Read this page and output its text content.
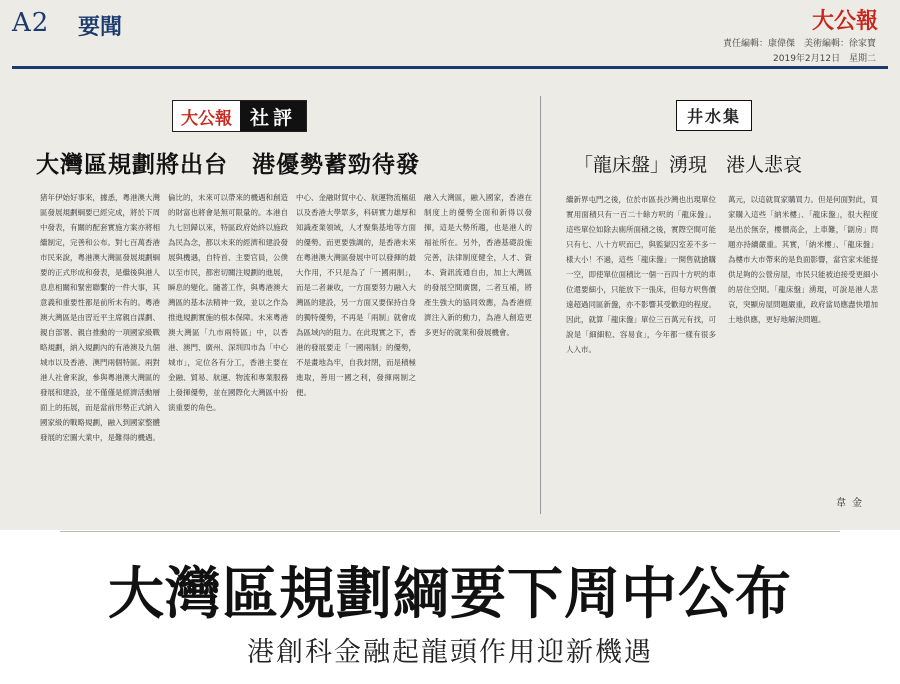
A2 要聞	大公報
責任編輯：康偉傑　美術編輯：徐家寶
2019年2月12日 星期二
大公報 社評
大灣區規劃將出台　港優勢蓄勁待發
猪年伊始好事來，據悉，粵港澳大灣區發展規劃綱要已經完成，將於下周中發表，有關的配套實施方案亦將相繼制定，完善和公布。對七百萬香港市民來說，粵港澳大灣區發展規劃綱要的正式形成和發表，是繼後與港人息息相關和緊密聯繫的一件大事，其意義和重要性都是前所未有的。粵港澳大灣區是由習近平主席親自謀劃、親自部署、親自推動的一項國家級戰略規劃，納入規劃內的有港澳及九個城市以及香港、澳門兩個特區。兩對港人社會來說，參與粵港澳大灣區的發展和建設，並不僅僅是經濟活動層面上的拓展，而是當前形勢正式納入國家級的戰略規劃，融入到國家整體發展的宏圖大業中，是難得的機遇。
倫比的，未來可以帶來的機遇和創造的財富也將會是無可限量的。本港自九七回歸以來，特區政府始終以施政為民為念，都以未來的經濟和建設發展與機遇，自特首、主要官員，公僕以至市民，都密切關注規劃的進展，瞬息的變化。隨著工作，與粵港澳大灣區的基本法精神一致，並以之作為推進規劃實施的根本保障。未來粵港澳大灣區「九市兩特區」中，以香港、澳門、廣州、深圳四市為「中心城市」，定位各有分工，香港主要在金融、貿易、航運、物流和專業服務上發揮優勢，並在國際化大灣區中扮演重要的角色。
中心、金融財貿中心、航運物流樞紐以及香港大學眾多，科研實力雄厚和知識產業領域，人才聚集基地等方面的優勢。而更要強調的，是香港未來在粵港澳大灣區發展中可以發揮的最大作用，不只是為了「一國兩制」，而是二者兼收，一方面要努力融入大灣區的建設，另一方面又要保持自身的獨特優勢，不再是「兩制」就會成為區域內的阻力。在此現實之下，香港的發展要走「一國兩制」的優勢，不是畫地為牢，自我封閉，而是積極進取，善用一國之利，發揮兩制之便。
融入大灣區，融入國家，香港在制度上的優勢全面和新得以發揮，這是大勢所趨，也是港人的福祉所在。另外，香港基礎設施完善，法律制度健全，人才、資本、資訊流通自由，加上大灣區的發展空間廣闊，二者互補，將產生強大的協同效應，為香港經濟注入新的動力，為港人創造更多更好的就業和發展機會。
井水集
「龍床盤」湧現　港人悲哀
繼新界屯門之後，位於市區長沙灣也出現單位實用面積只有一百二十餘方呎的「龍床盤」。這些單位如除去廁所面積之後，實際空間可能只有七、八十方呎而已，與監獄囚室差不多一樣大小！不過，這些「龍床盤」一開售就搶購一空，即使單位面積比一個一百四十方呎的車位還要細小，只能放下一張床，但每方呎售價遠超過同區新盤，亦不影響其受歡迎的程度。因此，就算「龍床盤」單位三百萬元有找，可說是「細細粒、容易食」，今年都一樣有很多人入市。
萬元，以這就買家購買力。但是何面對此，買家購入這些「納米樓」、「龍床盤」，很大程度是出於無奈，樓價高企，上車難，「劏房」問題亦持續嚴重。其實，「納米樓」、「龍床盤」為樓市大市帶來的是負面影響，當官家未能提供足夠的公營房屋，市民只能被迫接受更細小的居住空間。「龍床盤」湧現，可說是港人悲哀，突顯房屋問題嚴重，政府當局應盡快增加土地供應，更好地解決問題。
韋金
大灣區規劃綱要下周中公布
港創科金融起龍頭作用迎新機遇
